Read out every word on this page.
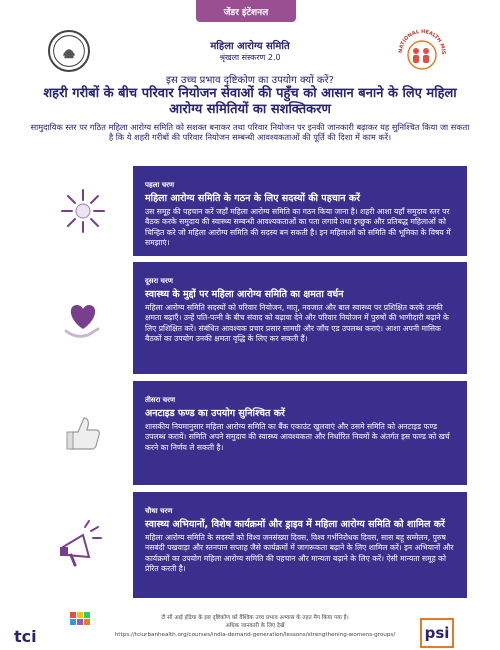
जेंडर इंटेंशनल
महिला आरोग्य समिति
श्रृंखला संस्करण 2.0
NATIONAL HEALTH MIS
इस उच्च प्रभाव दृष्टिकोण का उपयोग क्यों करें?
शहरी गरीबों के बीच परिवार नियोजन सेवाओं की पहुँच को आसान बनाने के लिए महिला आरोग्य समितियों का सशक्तिकरण
सामुदायिक स्तर पर गठित महिला आरोग्य समिति को सशक्त बनाकर तथा परिवार नियोजन पर इनकी जानकारी बढ़ाकर यह सुनिश्चित किया जा सकता है कि ये शहरी गरीबों की परिवार नियोजन सम्बन्धी आवश्यकताओं की पूर्ति की दिशा में काम करें।
पहला चरण
महिला आरोग्य समिति के गठन के लिए सदस्यों की पहचान करें
उस समूह की पहचान करें जहाँ महिला आरोग्य समिति का गठन किया जाना है। शहरी आशा यहाँ समुदाय स्तर पर बैठक करके समुदाय की स्वास्थ्य सम्बन्धी आवश्यकताओं का पता लगाये तथा इच्छुक और प्रतिबद्ध महिलाओं को चिन्हित करे जो महिला आरोग्य समिति की सदस्य बन सकती है। इन महिलाओं को समिति की भूमिका के विषय में समझाएं।
दूसरा चरण
स्वास्थ्य के मुद्दों पर महिला आरोग्य समिति का क्षमता वर्धन
महिला आरोग्य समिति सदस्यों को परिवार नियोजन, मातृ, नवजात और बाल स्वास्थ्य पर प्रशिक्षित करके उनकी क्षमता बढ़ाएँ। उन्हें पति-पत्नी के बीच संवाद को बढ़ावा देने और परिवार नियोजन में पुरुषों की भागीदारी बढ़ाने के लिए प्रशिक्षित करें। संबंधित आवश्यक प्रचार प्रसार सामग्री और जाँच एड उपलब्ध कराएं। आशा अपनी मासिक बैठकों का उपयोग उनकी क्षमता वृद्धि के लिए कर सकती हैं।
तीसरा चरण
अनटाइड फण्ड का उपयोग सुनिश्चित करें
शासकीय नियमानुसार महिला आरोग्य समिति का बैंक एकाउंट खुलवाएं और उसमे समिति को अनटाइड फण्ड उपलब्ध करायें। समिति अपने समुदाय की स्वास्थ्य आवश्यकता और निर्धारित नियमों के अंतर्गत इस फण्ड को खर्च करने का निर्णय ले सकती है।
चौथा चरण
स्वास्थ्य अभियानों, विशेष कार्यक्रमों और ड्राइव में महिला आरोग्य समिति को शामिल करें
महिला आरोग्य समिति के सदस्यों को विश्व जनसंख्या दिवस, विश्व गर्भनिरोधक दिवस, सास बहू सम्मेलन, पुरुष नसबंदी पखवाड़ा और स्तनपान सप्ताह जैसे कार्यक्रमों में जागरूकता बढ़ाने के लिए शामिल करें। इन अभियानों और कार्यक्रमों का उपयोग महिला आरोग्य समिति की पहचान और मान्यता बढ़ाने के लिए करें। ऐसी मान्यता समूह को प्रेरित करती है।
tci
टी सी आई इंडिया के इस दृष्टिकोण को वैश्विक उच्च प्रभाव अभ्यास के तहत मैप किया गया है।
अधिक जानकारी के लिए देखें
https://tciurbanhealth.org/courses/india-demand-generation/lessons/strengthening-womens-groups/	psi
